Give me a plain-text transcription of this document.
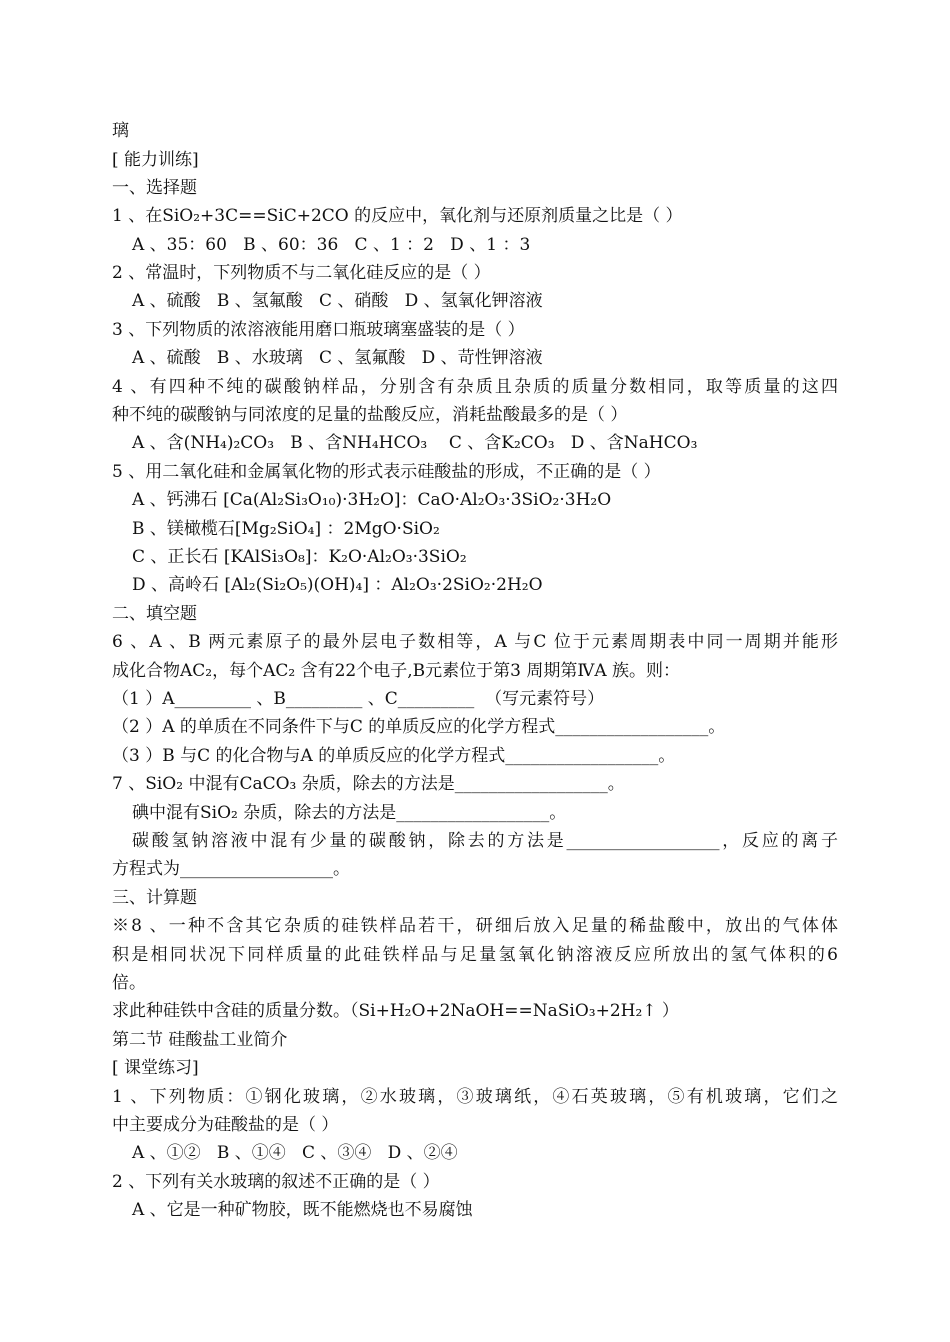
璃
[ 能力训练]
一、选择题
1 、在SiO₂+3C==SiC+2CO 的反应中，氧化剂与还原剂质量之比是（ ）
A 、35：60   B 、60：36   C 、1 ：2   D 、1 ：3
2 、常温时，下列物质不与二氧化硅反应的是（ ）
A 、硫酸   B 、氢氟酸   C 、硝酸   D 、氢氧化钾溶液
3 、下列物质的浓溶液能用磨口瓶玻璃塞盛装的是（ ）
A 、硫酸   B 、水玻璃   C 、氢氟酸   D 、苛性钾溶液
4 、有四种不纯的碳酸钠样品，分别含有杂质且杂质的质量分数相同，取等质量的这四
种不纯的碳酸钠与同浓度的足量的盐酸反应，消耗盐酸最多的是（ ）
A 、含(NH₄)₂CO₃   B 、含NH₄HCO₃    C 、含K₂CO₃   D 、含NaHCO₃
5 、用二氧化硅和金属氧化物的形式表示硅酸盐的形成，不正确的是（ ）
A 、钙沸石 [Ca(Al₂Si₃O₁₀)·3H₂O]：CaO·Al₂O₃·3SiO₂·3H₂O
B 、镁橄榄石[Mg₂SiO₄] ：2MgO·SiO₂
C 、正长石 [KAlSi₃O₈]：K₂O·Al₂O₃·3SiO₂
D 、高岭石 [Al₂(Si₂O₅)(OH)₄] ：Al₂O₃·2SiO₂·2H₂O
二、填空题
6 、A 、B 两元素原子的最外层电子数相等，A 与C 位于元素周期表中同一周期并能形
成化合物AC₂，每个AC₂ 含有22个电子,B元素位于第3 周期第ⅣA 族。则：
（1 ）A_________ 、B_________ 、C_________  （写元素符号）
（2 ）A 的单质在不同条件下与C 的单质反应的化学方程式__________________。
（3 ）B 与C 的化合物与A 的单质反应的化学方程式__________________。
7 、SiO₂ 中混有CaCO₃ 杂质，除去的方法是__________________。
碘中混有SiO₂ 杂质，除去的方法是__________________。
碳酸氢钠溶液中混有少量的碳酸钠，除去的方法是__________________，反应的离子
方程式为__________________。
三、计算题
※8 、一种不含其它杂质的硅铁样品若干，研细后放入足量的稀盐酸中，放出的气体体
积是相同状况下同样质量的此硅铁样品与足量氢氧化钠溶液反应所放出的氢气体积的6
倍。
求此种硅铁中含硅的质量分数。（Si+H₂O+2NaOH==NaSiO₃+2H₂↑ ）
第二节 硅酸盐工业简介
[ 课堂练习]
1 、下列物质：①钢化玻璃，②水玻璃，③玻璃纸，④石英玻璃，⑤有机玻璃，它们之
中主要成分为硅酸盐的是（ ）
A 、①②   B 、①④   C 、③④   D 、②④
2 、下列有关水玻璃的叙述不正确的是（ ）
A 、它是一种矿物胶，既不能燃烧也不易腐蚀
